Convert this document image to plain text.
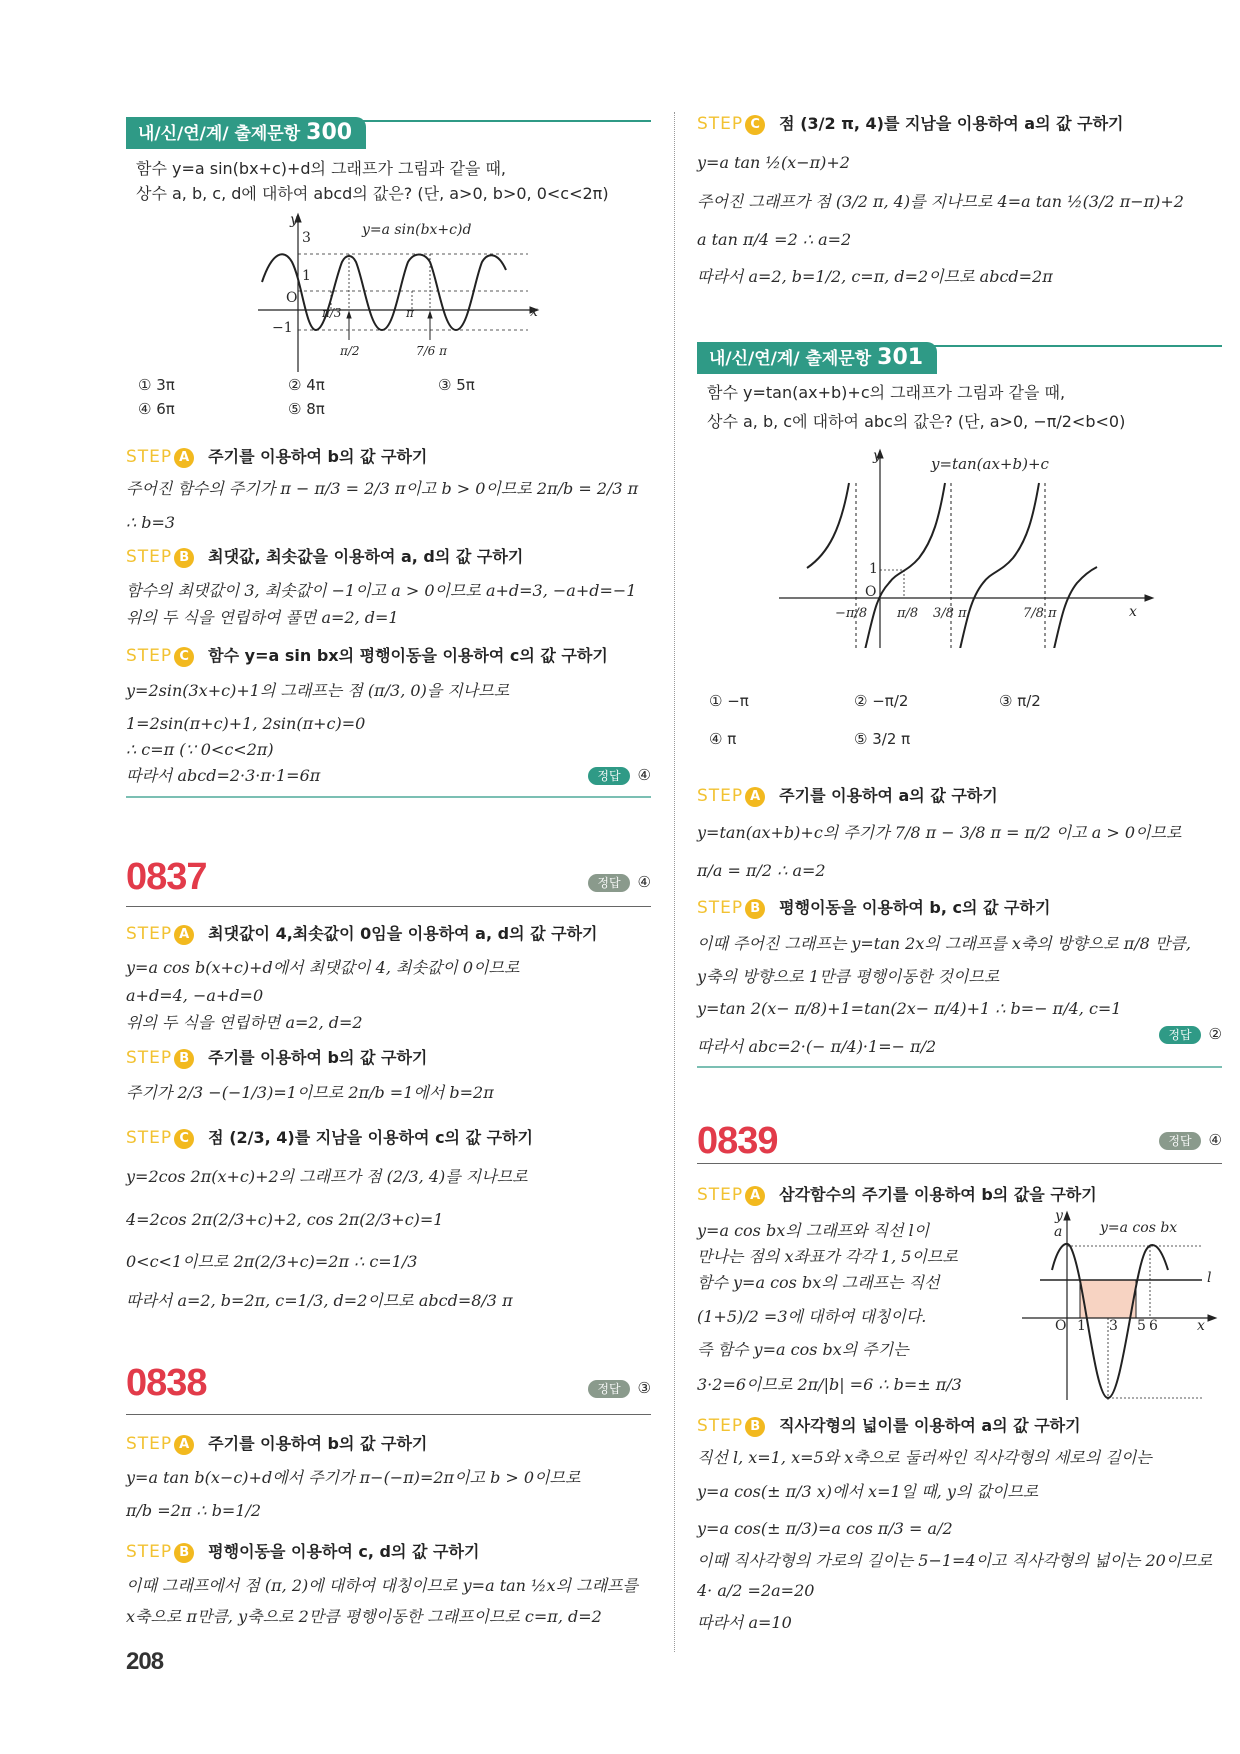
내/신/연/계/ 출제문항 300
함수 y=a sin(bx+c)+d의 그래프가 그림과 같을 때,
상수 a, b, c, d에 대하여 abcd의 값은? (단, a>0, b>0, 0<c<2π)
y
y=a sin(bx+c)d
3
1
O
−1
π/3
π/2
π
7/6 π
x
① 3π	② 4π	③ 5π
④ 6π	⑤ 8π
STEP A 주기를 이용하여 b의 값 구하기
주어진 함수의 주기가 π − π/3 = 2/3 π이고 b > 0이므로 2π/b = 2/3 π
∴ b=3
STEP B 최댓값, 최솟값을 이용하여 a, d의 값 구하기
함수의 최댓값이 3, 최솟값이 −1이고 a > 0이므로 a+d=3, −a+d=−1
위의 두 식을 연립하여 풀면 a=2, d=1
STEP C 함수 y=a sin bx의 평행이동을 이용하여 c의 값 구하기
y=2sin(3x+c)+1의 그래프는 점 (π/3, 0)을 지나므로
1=2sin(π+c)+1, 2sin(π+c)=0
∴ c=π (∵ 0<c<2π)
따라서 abcd=2·3·π·1=6π	정답 ④
0837	정답 ④
STEP A 최댓값이 4,최솟값이 0임을 이용하여 a, d의 값 구하기
y=a cos b(x+c)+d에서 최댓값이 4, 최솟값이 0이므로
a+d=4, −a+d=0
위의 두 식을 연립하면 a=2, d=2
STEP B 주기를 이용하여 b의 값 구하기
주기가 2/3 −(−1/3)=1이므로 2π/b =1에서 b=2π
STEP C 점 (2/3, 4)를 지남을 이용하여 c의 값 구하기
y=2cos 2π(x+c)+2의 그래프가 점 (2/3, 4)를 지나므로
4=2cos 2π(2/3+c)+2, cos 2π(2/3+c)=1
0<c<1이므로 2π(2/3+c)=2π ∴ c=1/3
따라서 a=2, b=2π, c=1/3, d=2이므로 abcd=8/3 π
0838	정답 ③
STEP A 주기를 이용하여 b의 값 구하기
y=a tan b(x−c)+d에서 주기가 π−(−π)=2π이고 b > 0이므로
π/b =2π ∴ b=1/2
STEP B 평행이동을 이용하여 c, d의 값 구하기
이때 그래프에서 점 (π, 2)에 대하여 대칭이므로 y=a tan ½x의 그래프를
x축으로 π만큼, y축으로 2만큼 평행이동한 그래프이므로 c=π, d=2
208
STEP C 점 (3/2 π, 4)를 지남을 이용하여 a의 값 구하기
y=a tan ½(x−π)+2
주어진 그래프가 점 (3/2 π, 4)를 지나므로 4=a tan ½(3/2 π−π)+2
a tan π/4 =2 ∴ a=2
따라서 a=2, b=1/2, c=π, d=2이므로 abcd=2π
내/신/연/계/ 출제문항 301
함수 y=tan(ax+b)+c의 그래프가 그림과 같을 때,
상수 a, b, c에 대하여 abc의 값은? (단, a>0, −π/2<b<0)
y	y=tan(ax+b)+c
1
O
−π/8 π/8 3/8 π	7/8 π	x
① −π	② −π/2	③ π/2
④ π	⑤ 3/2 π
STEP A 주기를 이용하여 a의 값 구하기
y=tan(ax+b)+c의 주기가 7/8 π − 3/8 π = π/2 이고 a > 0이므로
π/a = π/2 ∴ a=2
STEP B 평행이동을 이용하여 b, c의 값 구하기
이때 주어진 그래프는 y=tan 2x의 그래프를 x축의 방향으로 π/8 만큼,
y축의 방향으로 1만큼 평행이동한 것이므로
y=tan 2(x− π/8)+1=tan(2x− π/4)+1 ∴ b=− π/4, c=1
따라서 abc=2·(− π/4)·1=− π/2
정답 ②
0839	정답 ④
STEP A 삼각함수의 주기를 이용하여 b의 값을 구하기
y=a cos bx의 그래프와 직선 l이
만나는 점의 x좌표가 각각 1, 5이므로
함수 y=a cos bx의 그래프는 직선
(1+5)/2 =3에 대하여 대칭이다.
즉 함수 y=a cos bx의 주기는
3·2=6이므로 2π/|b| =6 ∴ b=± π/3
y
a	y=a cos bx
l
O 1 3 5 6	x
STEP B 직사각형의 넓이를 이용하여 a의 값 구하기
직선 l, x=1, x=5와 x축으로 둘러싸인 직사각형의 세로의 길이는
y=a cos(± π/3 x)에서 x=1일 때, y의 값이므로
y=a cos(± π/3)=a cos π/3 = a/2
이때 직사각형의 가로의 길이는 5−1=4이고 직사각형의 넓이는 20이므로
4· a/2 =2a=20
따라서 a=10
